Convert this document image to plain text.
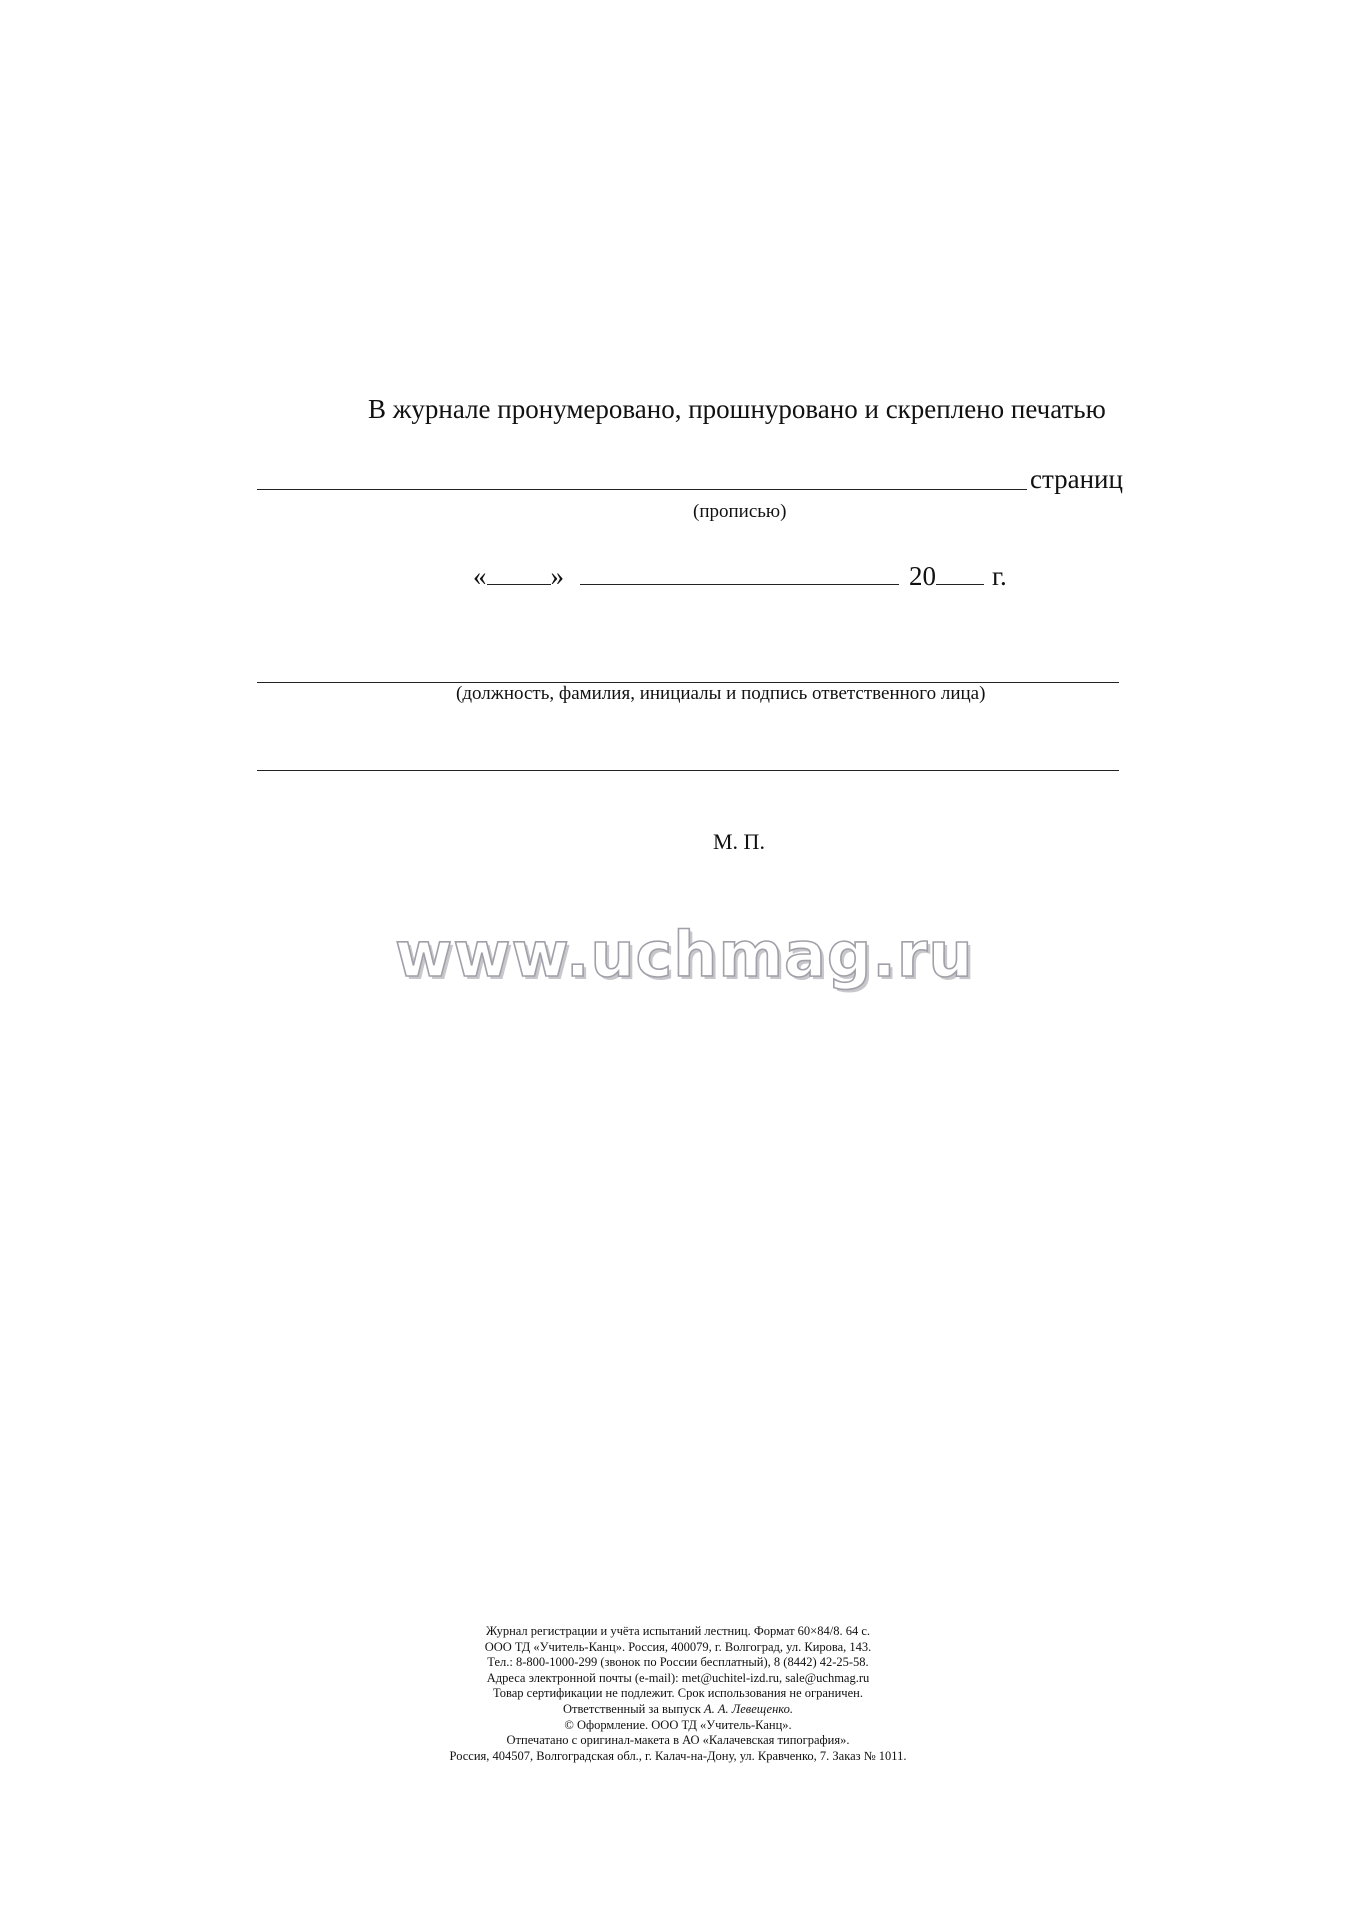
В журнале пронумеровано, прошнуровано и скреплено печатью

страниц

(прописью)

« »	20 г.

(должность, фамилия, инициалы и подпись ответственного лица)

М. П.

www.uchmag.ru

Журнал регистрации и учёта испытаний лестниц. Формат 60×84/8. 64 с.
ООО ТД «Учитель-Канц». Россия, 400079, г. Волгоград, ул. Кирова, 143.
Тел.: 8-800-1000-299 (звонок по России бесплатный), 8 (8442) 42-25-58.
Адреса электронной почты (e-mail): met@uchitel-izd.ru, sale@uchmag.ru
Товар сертификации не подлежит. Срок использования не ограничен.
Ответственный за выпуск А. А. Левещенко.
© Оформление. ООО ТД «Учитель-Канц».
Отпечатано с оригинал-макета в АО «Калачевская типография».
Россия, 404507, Волгоградская обл., г. Калач-на-Дону, ул. Кравченко, 7. Заказ № 1011.
